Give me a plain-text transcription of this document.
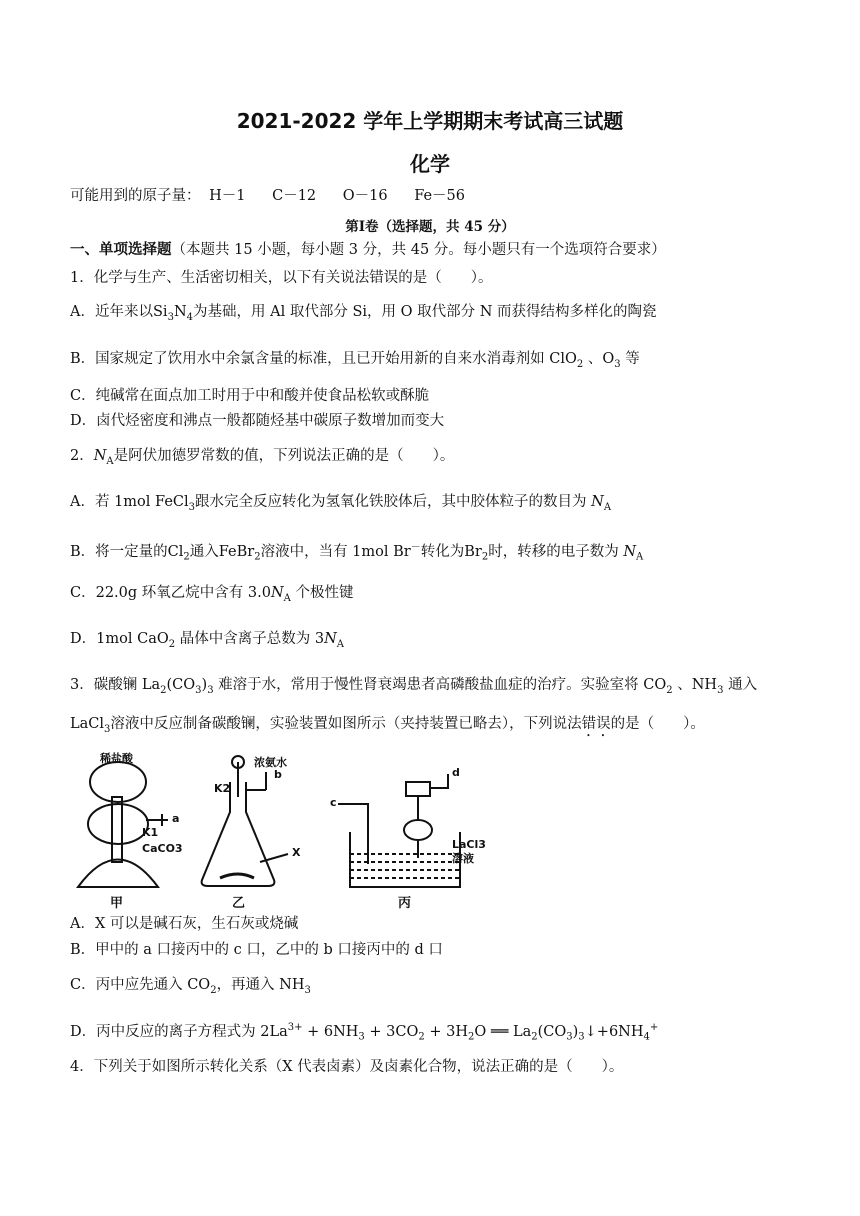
2021-2022 学年上学期期末考试高三试题
化学
可能用到的原子量： H－1 C－12 O－16 Fe－56
第Ⅰ卷（选择题，共 45 分）
一、单项选择题（本题共 15 小题，每小题 3 分，共 45 分。每小题只有一个选项符合要求）
1．化学与生产、生活密切相关，以下有关说法错误的是（　　）。
A．近年来以$Si_3N_4$为基础，用 Al 取代部分 Si，用 O 取代部分 N 而获得结构多样化的陶瓷
B．国家规定了饮用水中余氯含量的标准，且已开始用新的自来水消毒剂如 ClO$_2$ 、$O_3$ 等
C．纯碱常在面点加工时用于中和酸并使食品松软或酥脆
D．卤代烃密度和沸点一般都随烃基中碳原子数增加而变大
2．$N_A$是阿伏加德罗常数的值，下列说法正确的是（　　）。
A．若 1mol FeCl$_3$跟水完全反应转化为氢氧化铁胶体后，其中胶体粒子的数目为 $N_A$
B．将一定量的$Cl_2$通入FeBr$_2$溶液中，当有 1mol Br－转化为$Br_2$时，转移的电子数为 $N_A$
C．22.0g 环氧乙烷中含有 $3.0N_A$ 个极性键
D．1mol CaO$_2$ 晶体中含离子总数为 $3N_A$
3．碳酸镧 $La_2(CO_3)_3$ 难溶于水，常用于慢性肾衰竭患者高磷酸盐血症的治疗。实验室将 $CO_2$ 、$NH_3$ 通入
LaCl$_3$溶液中反应制备碳酸镧，实验装置如图所示（夹持装置已略去），下列说法错误的是（　　）。
稀盐酸
a
K1
CaCO3
浓氨水
K2
b
X
c
d
LaCl3
溶液
甲	乙	丙
A．X 可以是碱石灰，生石灰或烧碱
B．甲中的 a 口接丙中的 c 口，乙中的 b 口接丙中的 d 口
C．丙中应先通入 $CO_2$，再通入 $NH_3$
D．丙中反应的离子方程式为 $2La^{3+} + 6NH_3 + 3CO_2 + 3H_2O$ ══ $La_2(CO_3)_3↓+6NH_4^+$
4．下列关于如图所示转化关系（X 代表卤素）及卤素化合物，说法正确的是（　　）。
